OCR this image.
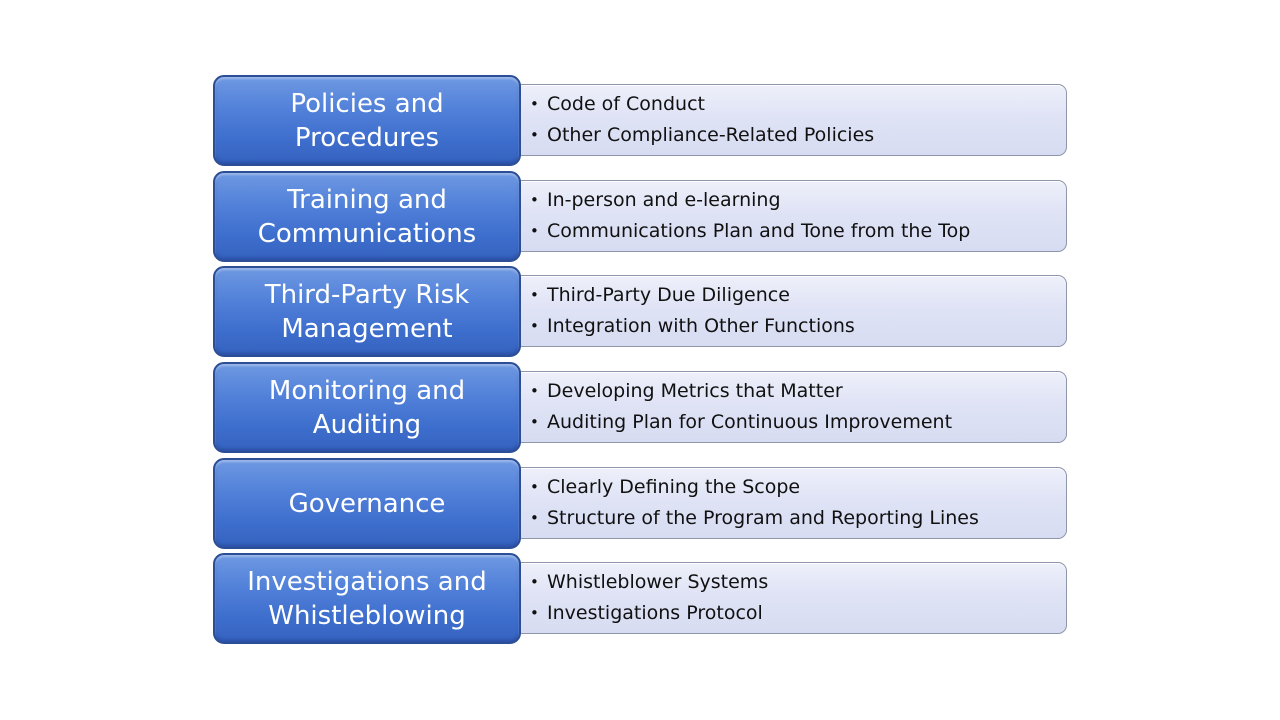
• Code of Conduct
• Other Compliance-Related Policies
Policies and
Procedures
• In-person and e-learning
• Communications Plan and Tone from the Top
Training and
Communications
• Third-Party Due Diligence
• Integration with Other Functions
Third-Party Risk
Management
• Developing Metrics that Matter
• Auditing Plan for Continuous Improvement
Monitoring and
Auditing
• Clearly Defining the Scope
• Structure of the Program and Reporting Lines
Governance
• Whistleblower Systems
• Investigations Protocol
Investigations and
Whistleblowing
